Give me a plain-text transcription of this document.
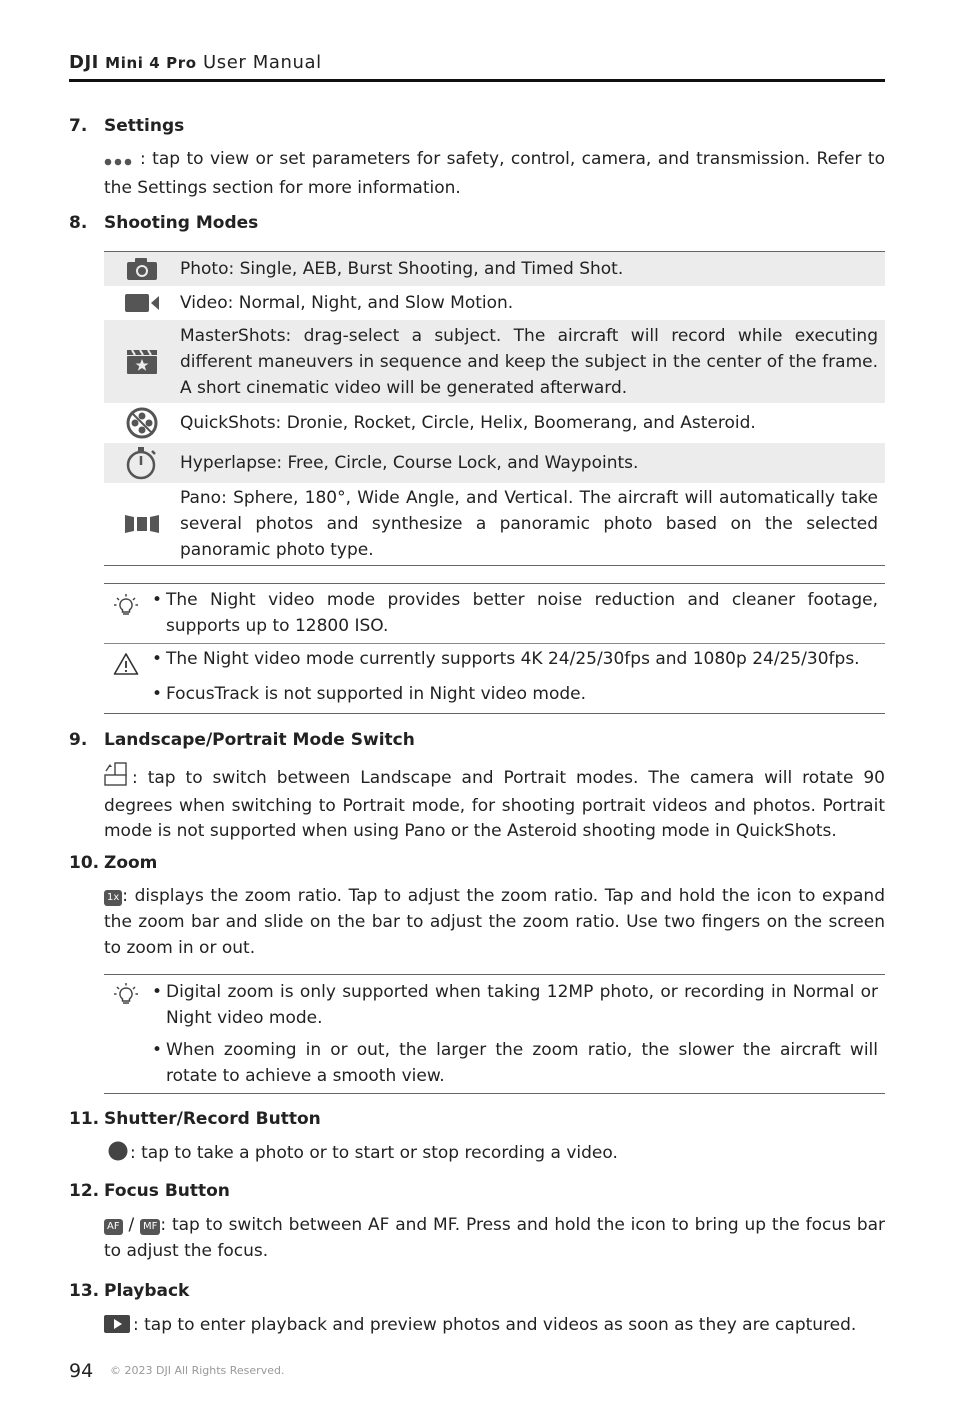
DJI Mini 4 Pro User Manual
7. Settings
: tap to view or set parameters for safety, control, camera, and transmission. Refer to the Settings section for more information.
8. Shooting Modes
Photo: Single, AEB, Burst Shooting, and Timed Shot.
Video: Normal, Night, and Slow Motion.
MasterShots: drag-select a subject. The aircraft will record while executing different maneuvers in sequence and keep the subject in the center of the frame. A short cinematic video will be generated afterward.
QuickShots: Dronie, Rocket, Circle, Helix, Boomerang, and Asteroid.
Hyperlapse: Free, Circle, Course Lock, and Waypoints.
Pano: Sphere, 180°, Wide Angle, and Vertical. The aircraft will automatically take several photos and synthesize a panoramic photo based on the selected panoramic photo type.
• The Night video mode provides better noise reduction and cleaner footage, supports up to 12800 ISO.
• The Night video mode currently supports 4K 24/25/30fps and 1080p 24/25/30fps.
• FocusTrack is not supported in Night video mode.
9. Landscape/Portrait Mode Switch
: tap to switch between Landscape and Portrait modes. The camera will rotate 90 degrees when switching to Portrait mode, for shooting portrait videos and photos. Portrait mode is not supported when using Pano or the Asteroid shooting mode in QuickShots.
10. Zoom
1x : displays the zoom ratio. Tap to adjust the zoom ratio. Tap and hold the icon to expand the zoom bar and slide on the bar to adjust the zoom ratio. Use two fingers on the screen to zoom in or out.
• Digital zoom is only supported when taking 12MP photo, or recording in Normal or Night video mode.
• When zooming in or out, the larger the zoom ratio, the slower the aircraft will rotate to achieve a smooth view.
11. Shutter/Record Button
: tap to take a photo or to start or stop recording a video.
12. Focus Button
AF / MF : tap to switch between AF and MF. Press and hold the icon to bring up the focus bar to adjust the focus.
13. Playback
: tap to enter playback and preview photos and videos as soon as they are captured.
94 © 2023 DJI All Rights Reserved.
